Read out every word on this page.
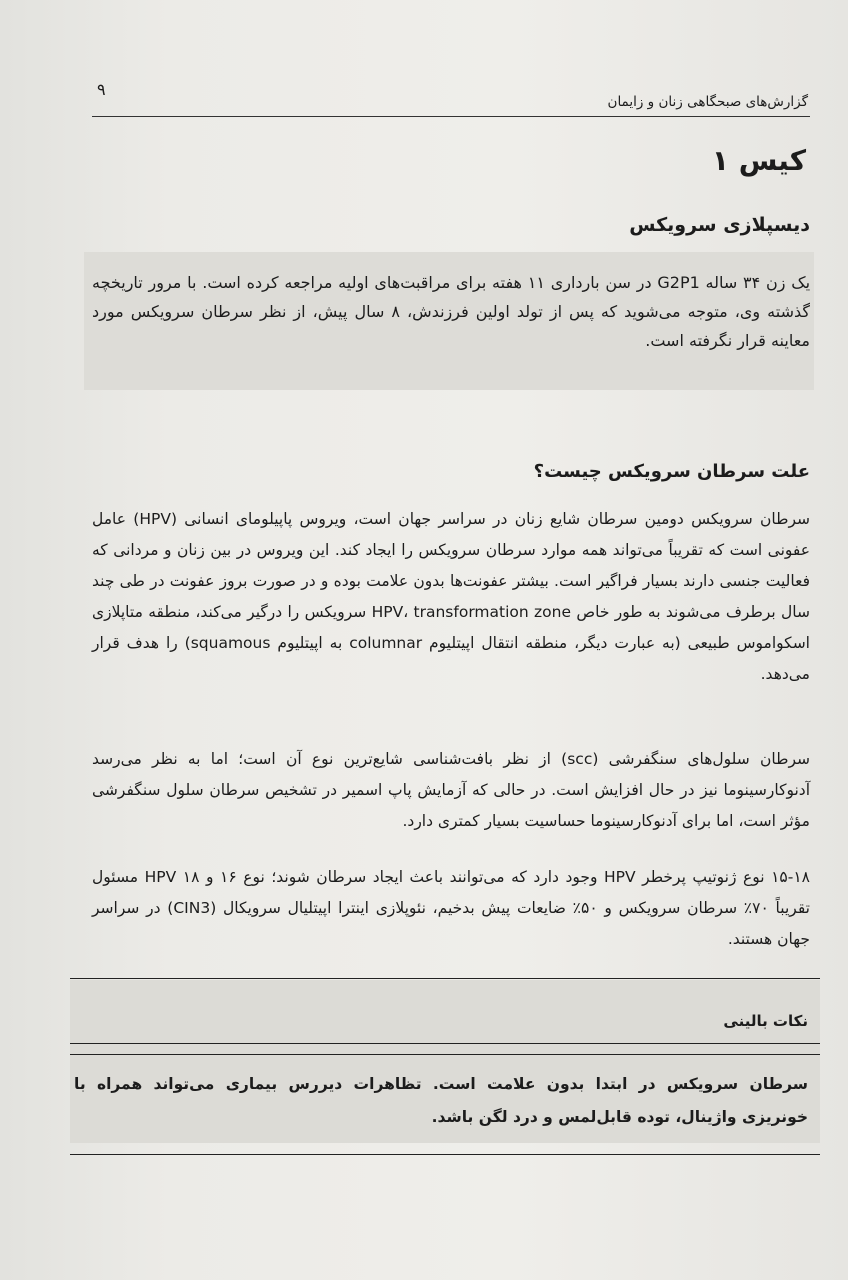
۹
گزارش‌های صبحگاهی زنان و زایمان
کیس ۱
دیسپلازی سرویکس
یک زن ۳۴ ساله G2P1 در سن بارداری ۱۱ هفته برای مراقبت‌های اولیه مراجعه کرده است. با مرور تاریخچه گذشته وی، متوجه می‌شوید که پس از تولد اولین فرزندش، ۸ سال پیش، از نظر سرطان سرویکس مورد معاینه قرار نگرفته است.
علت سرطان سرویکس چیست؟

سرطان سرویکس دومین سرطان شایع زنان در سراسر جهان است، ویروس پاپیلومای انسانی (HPV) عامل عفونی است که تقریباً می‌تواند همه موارد سرطان سرویکس را ایجاد کند. این ویروس در بین زنان و مردانی که فعالیت جنسی دارند بسیار فراگیر است. بیشتر عفونت‌ها بدون علامت بوده و در صورت بروز عفونت در طی چند سال برطرف می‌شوند به طور خاص HPV، transformation zone سرویکس را درگیر می‌کند، منطقه متاپلازی اسکواموس طبیعی (به عبارت دیگر، منطقه انتقال اپیتلیوم columnar به اپیتلیوم squamous) را هدف قرار می‌دهد.

سرطان سلول‌های سنگفرشی (scc) از نظر بافت‌شناسی شایع‌ترین نوع آن است؛ اما به نظر می‌رسد آدنوکارسینوما نیز در حال افزایش است. در حالی که آزمایش پاپ اسمیر در تشخیص سرطان سلول سنگفرشی مؤثر است، اما برای آدنوکارسینوما حساسیت بسیار کمتری دارد.

۱۵-۱۸ نوع ژنوتیپ پرخطر HPV وجود دارد که می‌توانند باعث ایجاد سرطان شوند؛ نوع ۱۶ و ۱۸ HPV مسئول تقریباً ۷۰٪ سرطان سرویکس و ۵۰٪ ضایعات پیش بدخیم، نئوپلازی اینترا اپیتلیال سرویکال (CIN3) در سراسر جهان هستند.

نکات بالینی
سرطان سرویکس در ابتدا بدون علامت است. تظاهرات دیررس بیماری می‌تواند همراه با خونریزی واژینال، توده قابل‌لمس و درد لگن باشد.
